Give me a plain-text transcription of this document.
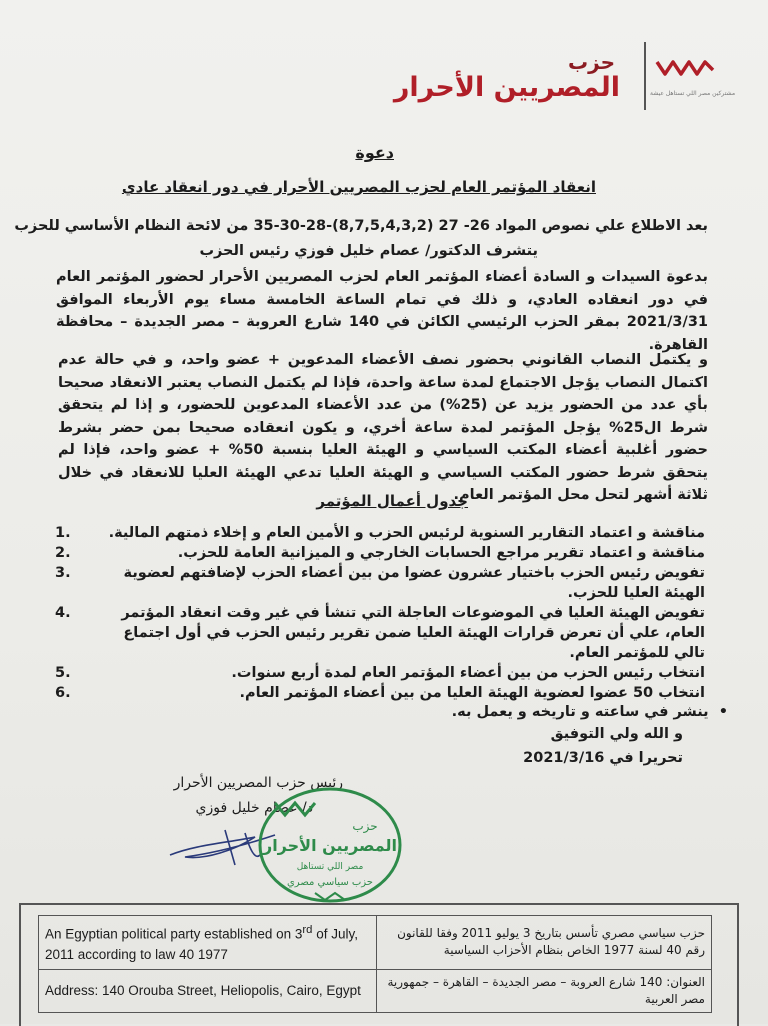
حزب
المصريين الأحرار	مشتركين مصر اللي تستاهل عيشة
دعوة
انعقاد المؤتمر العام لحزب المصريين الأحرار في دور انعقاد عادي
بعد الاطلاع علي نصوص المواد 26- 27 (8,7,5,4,3,2)-28-30-35 من لائحة النظام الأساسي للحزب
يتشرف الدكتور/ عصام خليل فوزي رئيس الحزب
بدعوة السيدات و السادة أعضاء المؤتمر العام لحزب المصريين الأحرار لحضور المؤتمر العام في دور انعقاده العادي، و ذلك في تمام الساعة الخامسة مساء يوم الأربعاء الموافق 2021/3/31 بمقر الحزب الرئيسي الكائن في 140 شارع العروبة – مصر الجديدة – محافظة القاهرة.
و يكتمل النصاب القانوني بحضور نصف الأعضاء المدعوين + عضو واحد، و في حالة عدم اكتمال النصاب يؤجل الاجتماع لمدة ساعة واحدة، فإذا لم يكتمل النصاب يعتبر الانعقاد صحيحا بأي عدد من الحضور يزيد عن (25%) من عدد الأعضاء المدعوين للحضور، و إذا لم يتحقق شرط ال25% يؤجل المؤتمر لمدة ساعة أخري، و يكون انعقاده صحيحا بمن حضر بشرط حضور أغلبية أعضاء المكتب السياسي و الهيئة العليا بنسبة 50% + عضو واحد، فإذا لم يتحقق شرط حضور المكتب السياسي و الهيئة العليا تدعي الهيئة العليا للانعقاد في خلال ثلاثة أشهر لتحل محل المؤتمر العام.
جدول أعمال المؤتمر
1.	مناقشة و اعتماد التقارير السنوية لرئيس الحزب و الأمين العام و إخلاء ذمتهم المالية.
2.	مناقشة و اعتماد تقرير مراجع الحسابات الخارجي و الميزانية العامة للحزب.
3.	تفويض رئيس الحزب باختيار عشرون عضوا من بين أعضاء الحزب لإضافتهم لعضوية الهيئة العليا للحزب.
4.	تفويض الهيئة العليا في الموضوعات العاجلة التي تنشأ في غير وقت انعقاد المؤتمر العام، علي أن تعرض قرارات الهيئة العليا ضمن تقرير رئيس الحزب في أول اجتماع تالي للمؤتمر العام.
5.	انتخاب رئيس الحزب من بين أعضاء المؤتمر العام لمدة أربع سنوات.
6.	انتخاب 50 عضوا لعضوية الهيئة العليا من بين أعضاء المؤتمر العام.
•  ينشر في ساعته و تاريخه و يعمل به.
و الله ولي التوفيق
تحريرا في 2021/3/16
رئيس حزب المصريين الأحرار
د/ عصام خليل فوزي
حزب
المصريين الأحرار
مصر اللي تستاهل
حزب سياسي مصري
An Egyptian political party established on 3rd of July, 2011 according to law 40 1977	حزب سياسي مصري تأسس بتاريخ 3 يوليو 2011 وفقا للقانون رقم 40 لسنة 1977 الخاص بنظام الأحزاب السياسية
Address: 140 Orouba Street, Heliopolis, Cairo, Egypt	العنوان: 140 شارع العروبة – مصر الجديدة – القاهرة – جمهورية مصر العربية
